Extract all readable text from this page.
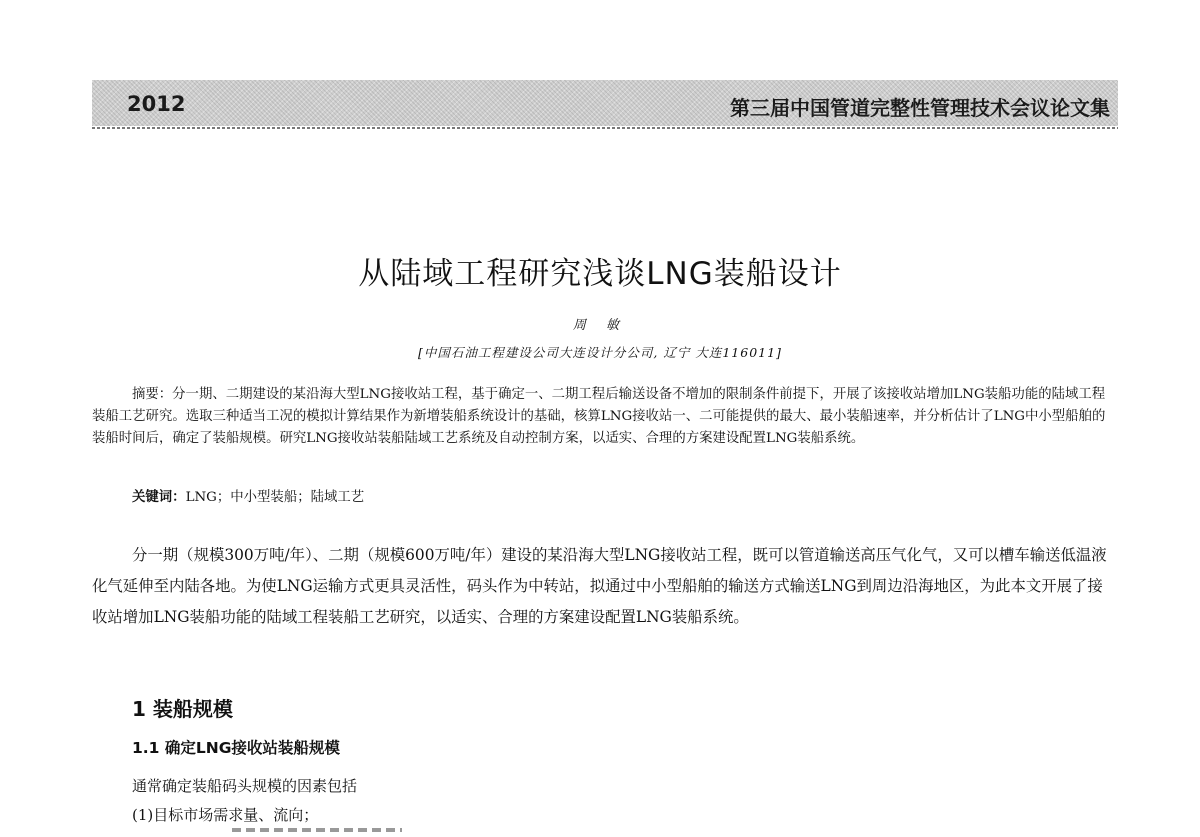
2012	第三届中国管道完整性管理技术会议论文集
从陆域工程研究浅谈LNG装船设计
周 敏
[中国石油工程建设公司大连设计分公司, 辽宁 大连116011]

摘要：分一期、二期建设的某沿海大型LNG接收站工程，基于确定一、二期工程后输送设备不增加的限制条件前提下，开展了该接收站增加LNG装船功能的陆域工程装船工艺研究。选取三种适当工况的模拟计算结果作为新增装船系统设计的基础，核算LNG接收站一、二可能提供的最大、最小装船速率，并分析估计了LNG中小型船舶的装船时间后，确定了装船规模。研究LNG接收站装船陆域工艺系统及自动控制方案，以适实、合理的方案建设配置LNG装船系统。

关键词：LNG；中小型装船；陆域工艺

分一期（规模300万吨/年）、二期（规模600万吨/年）建设的某沿海大型LNG接收站工程，既可以管道输送高压气化气，又可以槽车输送低温液化气延伸至内陆各地。为使LNG运输方式更具灵活性，码头作为中转站，拟通过中小型船舶的输送方式输送LNG到周边沿海地区，为此本文开展了接收站增加LNG装船功能的陆域工程装船工艺研究，以适实、合理的方案建设配置LNG装船系统。

1 装船规模
1.1 确定LNG接收站装船规模

通常确定装船码头规模的因素包括

(1)目标市场需求量、流向；
